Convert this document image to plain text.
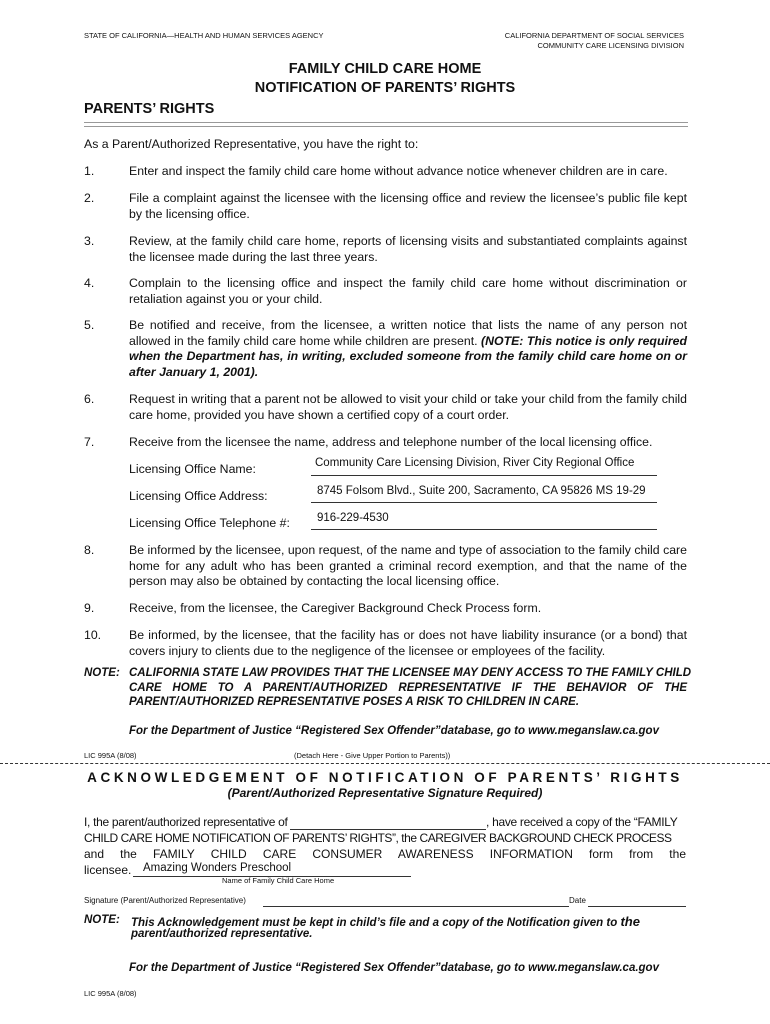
STATE OF CALIFORNIA—HEALTH AND HUMAN SERVICES AGENCY	CALIFORNIA DEPARTMENT OF SOCIAL SERVICES
COMMUNITY CARE LICENSING DIVISION
FAMILY CHILD CARE HOME
NOTIFICATION OF PARENTS’ RIGHTS
PARENTS’ RIGHTS
As a Parent/Authorized Representative, you have the right to:
1.	Enter and inspect the family child care home without advance notice whenever children are in care.
2.	File a complaint against the licensee with the licensing office and review the licensee’s public file kept by the licensing office.
3.	Review, at the family child care home, reports of licensing visits and substantiated complaints against the licensee made during the last three years.
4.	Complain to the licensing office and inspect the family child care home without discrimination or retaliation against you or your child.
5.	Be notified and receive, from the licensee, a written notice that lists the name of any person not allowed in the family child care home while children are present. (NOTE: This notice is only required when the Department has, in writing, excluded someone from the family child care home on or after January 1, 2001).
6.	Request in writing that a parent not be allowed to visit your child or take your child from the family child care home, provided you have shown a certified copy of a court order.
7.	Receive from the licensee the name, address and telephone number of the local licensing office.
Licensing Office Name:	Community Care Licensing Division, River City Regional Office
Licensing Office Address:	8745 Folsom Blvd., Suite 200, Sacramento, CA 95826 MS 19-29
Licensing Office Telephone #: 916-229-4530
8.	Be informed by the licensee, upon request, of the name and type of association to the family child care home for any adult who has been granted a criminal record exemption, and that the name of the person may also be obtained by contacting the local licensing office.
9.	Receive, from the licensee, the Caregiver Background Check Process form.
10. Be informed, by the licensee, that the facility has or does not have liability insurance (or a bond) that covers injury to clients due to the negligence of the licensee or employees of the facility.
NOTE: CALIFORNIA STATE LAW PROVIDES THAT THE LICENSEE MAY DENY ACCESS TO THE FAMILY CHILD
CARE HOME TO A PARENT/AUTHORIZED REPRESENTATIVE IF THE BEHAVIOR OF THE
PARENT/AUTHORIZED REPRESENTATIVE POSES A RISK TO CHILDREN IN CARE.
For the Department of Justice “Registered Sex Offender”database, go to www.meganslaw.ca.gov
LIC 995A (8/08)	(Detach Here - Give Upper Portion to Parents))
ACKNOWLEDGEMENT OF NOTIFICATION OF PARENTS’ RIGHTS
(Parent/Authorized Representative Signature Required)
I, the parent/authorized representative of	, have received a copy of the “FAMILY
CHILD CARE HOME NOTIFICATION OF PARENTS’ RIGHTS”, the CAREGIVER BACKGROUND CHECK PROCESS
and the FAMILY CHILD CARE CONSUMER AWARENESS INFORMATION form from the
licensee. Amazing Wonders Preschool
Name of Family Child Care Home
Signature (Parent/Authorized Representative)	Date
NOTE: This Acknowledgement must be kept in child’s file and a copy of the Notification given to the
parent/authorized representative.
For the Department of Justice “Registered Sex Offender”database, go to www.meganslaw.ca.gov
LIC 995A (8/08)
